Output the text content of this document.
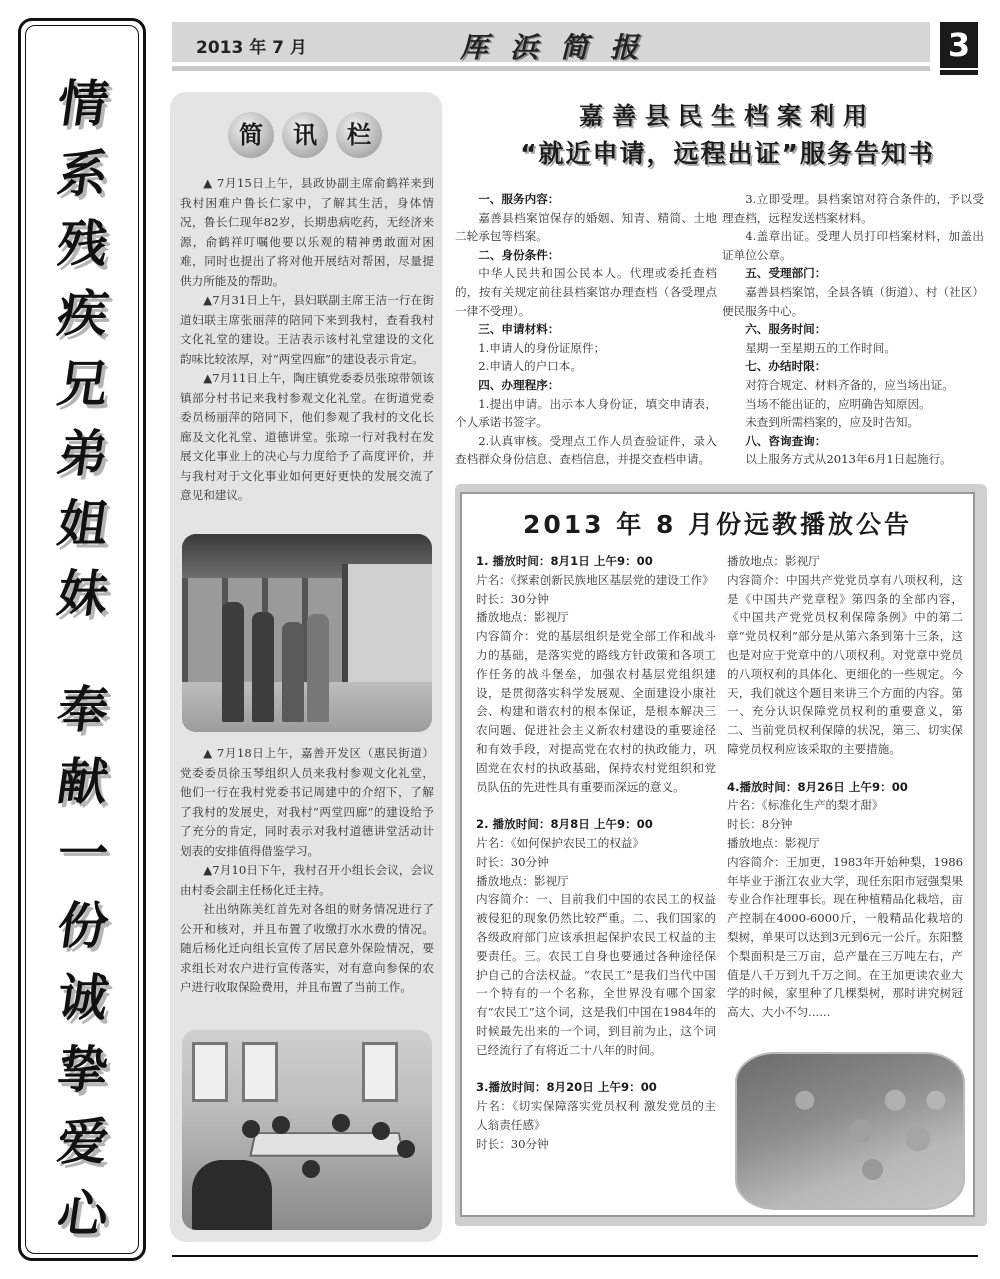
情
系
残
疾
兄
弟
姐
妹
奉
献
一
份
诚
挚
爱
心
2013 年 7 月	厍浜简报	3
简	讯	栏

▲ 7月15日上午，县政协副主席俞鹤祥来到我村困难户鲁长仁家中，了解其生活，身体情况，鲁长仁现年82岁，长期患病吃药，无经济来源，俞鹤祥叮嘱他要以乐观的精神勇敢面对困难，同时也提出了将对他开展结对帮困，尽量提供力所能及的帮助。

▲7月31日上午，县妇联副主席王洁一行在街道妇联主席张丽萍的陪同下来到我村，查看我村文化礼堂的建设。王洁表示该村礼堂建设的文化韵味比较浓厚，对“两堂四廊”的建设表示肯定。

▲7月11日上午，陶庄镇党委委员张琼带领该镇部分村书记来我村参观文化礼堂。在街道党委委员杨丽萍的陪同下，他们参观了我村的文化长廊及文化礼堂、道德讲堂。张琼一行对我村在发展文化事业上的决心与力度给予了高度评价，并与我村对于文化事业如何更好更快的发展交流了意见和建议。

▲ 7月18日上午，嘉善开发区（惠民街道）党委委员徐玉琴组织人员来我村参观文化礼堂，他们一行在我村党委书记周建中的介绍下，了解了我村的发展史，对我村“两堂四廊”的建设给予了充分的肯定，同时表示对我村道德讲堂活动计划表的安排值得借鉴学习。

▲7月10日下午，我村召开小组长会议，会议由村委会副主任杨化迁主持。

社出纳陈美红首先对各组的财务情况进行了公开和核对，并且布置了收缴打水水费的情况。随后杨化迁向组长宣传了居民意外保险情况，要求组长对农户进行宣传落实，对有意向参保的农户进行收取保险费用，并且布置了当前工作。

嘉善县民生档案利用
“就近申请，远程出证”服务告知书
一、服务内容：
嘉善县档案馆保存的婚姻、知青、精简、土地二轮承包等档案。
二、身份条件：
中华人民共和国公民本人。代理或委托查档的，按有关规定前往县档案馆办理查档（各受理点一律不受理）。
三、申请材料：
1.申请人的身份证原件；
2.申请人的户口本。
四、办理程序：
1.提出申请。出示本人身份证，填交申请表，个人承诺书签字。
2.认真审核。受理点工作人员查验证件，录入查档群众身份信息、查档信息，并提交查档申请。
3.立即受理。县档案馆对符合条件的，予以受理查档，远程发送档案材料。
4.盖章出证。受理人员打印档案材料，加盖出证单位公章。
五、受理部门：
嘉善县档案馆，全县各镇（街道）、村（社区）便民服务中心。
六、服务时间：
星期一至星期五的工作时间。
七、办结时限：
对符合规定、材料齐备的，应当场出证。
当场不能出证的，应明确告知原因。
未查到所需档案的，应及时告知。
八、咨询查询：
以上服务方式从2013年6月1日起施行。
2013 年 8 月份远教播放公告
1. 播放时间：8月1日 上午9：00
片名：《探索创新民族地区基层党的建设工作》
时长：30分钟
播放地点：影视厅
内容简介：党的基层组织是党全部工作和战斗力的基础，是落实党的路线方针政策和各项工作任务的战斗堡垒，加强农村基层党组织建设，是贯彻落实科学发展观、全面建设小康社会、构建和谐农村的根本保证，是根本解决三农问题、促进社会主义新农村建设的重要途径和有效手段，对提高党在农村的执政能力，巩固党在农村的执政基础，保持农村党组织和党员队伍的先进性具有重要而深远的意义。
2. 播放时间：8月8日 上午9：00
片名：《如何保护农民工的权益》
时长：30分钟
播放地点：影视厅
内容简介：一、目前我们中国的农民工的权益被侵犯的现象仍然比较严重。二、我们国家的各级政府部门应该承担起保护农民工权益的主要责任。三。农民工自身也要通过各种途径保护自己的合法权益。“农民工”是我们当代中国一个特有的一个名称，全世界没有哪个国家有“农民工”这个词，这是我们中国在1984年的时候最先出来的一个词，到目前为止，这个词已经流行了有将近二十八年的时间。
3.播放时间：8月20日 上午9：00
片名：《切实保障落实党员权利 激发党员的主人翁责任感》
时长：30分钟
播放地点：影视厅
内容简介：中国共产党党员享有八项权利，这是《中国共产党章程》第四条的全部内容，《中国共产党党员权利保障条例》中的第二章“党员权利”部分是从第六条到第十三条，这也是对应于党章中的八项权利。对党章中党员的八项权利的具体化、更细化的一些规定。今天，我们就这个题目来讲三个方面的内容。第一、充分认识保障党员权利的重要意义，第二、当前党员权利保障的状况，第三、切实保障党员权利应该采取的主要措施。
4.播放时间：8月26日 上午9：00
片名：《标准化生产的梨才甜》
时长：8分钟
播放地点：影视厅
内容简介：王加更，1983年开始种梨，1986年毕业于浙江农业大学，现任东阳市冠强梨果专业合作社理事长。现在种植精品化栽培，亩产控制在4000-6000斤，一般精品化栽培的梨树，单果可以达到3元到6元一公斤。东阳整个梨面积是三万亩，总产量在三万吨左右，产值是八千万到九千万之间。在王加更读农业大学的时候，家里种了几棵梨树，那时讲究树冠高大、大小不匀......
